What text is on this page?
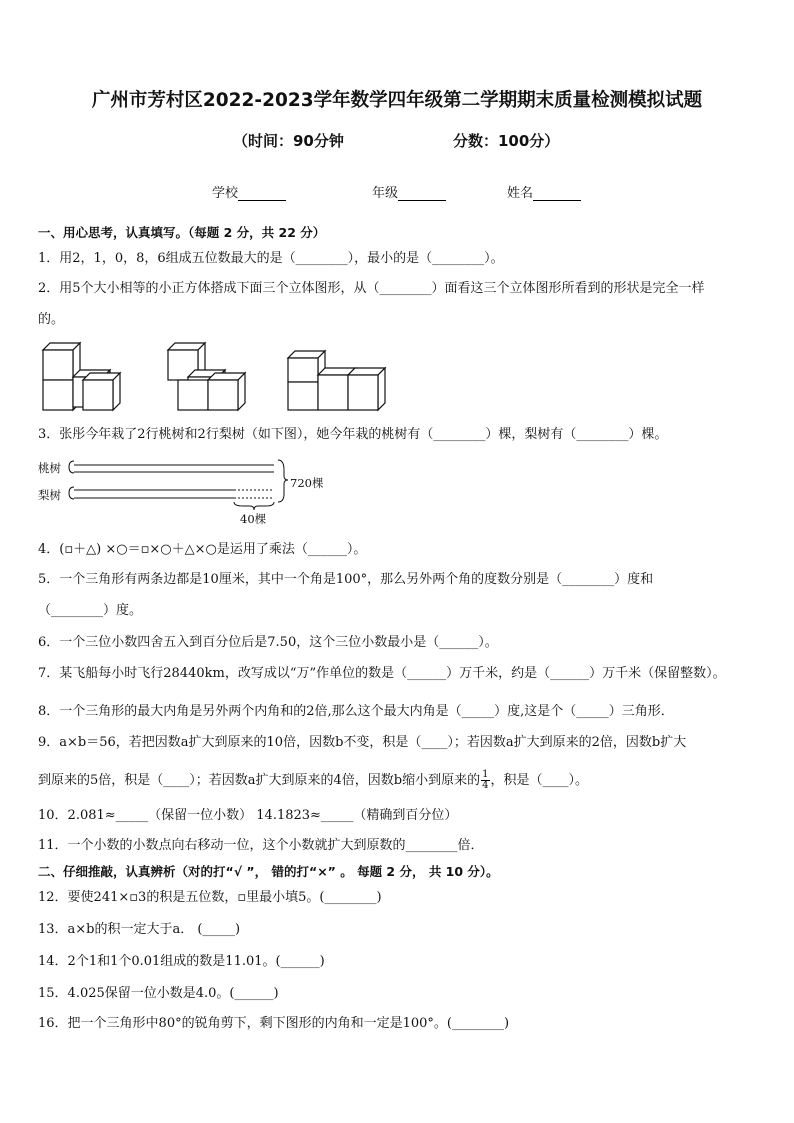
广州市芳村区2022-2023学年数学四年级第二学期期末质量检测模拟试题
（时间：90分钟	分数：100分）
学校	年级	姓名
一、用心思考，认真填写。（每题 2 分，共 22 分）
1．用2，1，0，8，6组成五位数最大的是（________），最小的是（________）。
2．用5个大小相等的小正方体搭成下面三个立体图形，从（________）面看这三个立体图形所看到的形状是完全一样
的。
3．张彤今年栽了2行桃树和2行梨树（如下图），她今年栽的桃树有（________）棵，梨树有（________）棵。
桃树
梨树
720棵
40棵
4．(▫＋△) ×○＝▫×○＋△×○是运用了乘法（______）。
5．一个三角形有两条边都是10厘米，其中一个角是100°，那么另外两个角的度数分别是（________）度和
（________）度。
6．一个三位小数四舍五入到百分位后是7.50，这个三位小数最小是（______）。
7．某飞船每小时飞行28440km，改写成以“万”作单位的数是（______）万千米，约是（______）万千米（保留整数）。
8．一个三角形的最大内角是另外两个内角和的2倍,那么这个最大内角是（_____）度,这是个（_____）三角形．
9．a×b＝56，若把因数a扩大到原来的10倍，因数b不变，积是（____）；若因数a扩大到原来的2倍，因数b扩大
到原来的5倍，积是（____）；若因数a扩大到原来的4倍，因数b缩小到原来的 $\frac{1}{4}$ ，积是（____）。
10．2.081≈_____（保留一位小数） 14.1823≈_____（精确到百分位）
11．一个小数的小数点向右移动一位，这个小数就扩大到原数的________倍．
二、仔细推敲，认真辨析（对的打“√ ”， 错的打“×” 。 每题 2 分， 共 10 分）。
12．要使241×▫3的积是五位数，▫里最小填5。(________)
13．a×b的积一定大于a． (_____)
14．2个1和1个0.01组成的数是11.01。(______)
15．4.025保留一位小数是4.0。(______)
16．把一个三角形中80°的锐角剪下，剩下图形的内角和一定是100°。(________)
